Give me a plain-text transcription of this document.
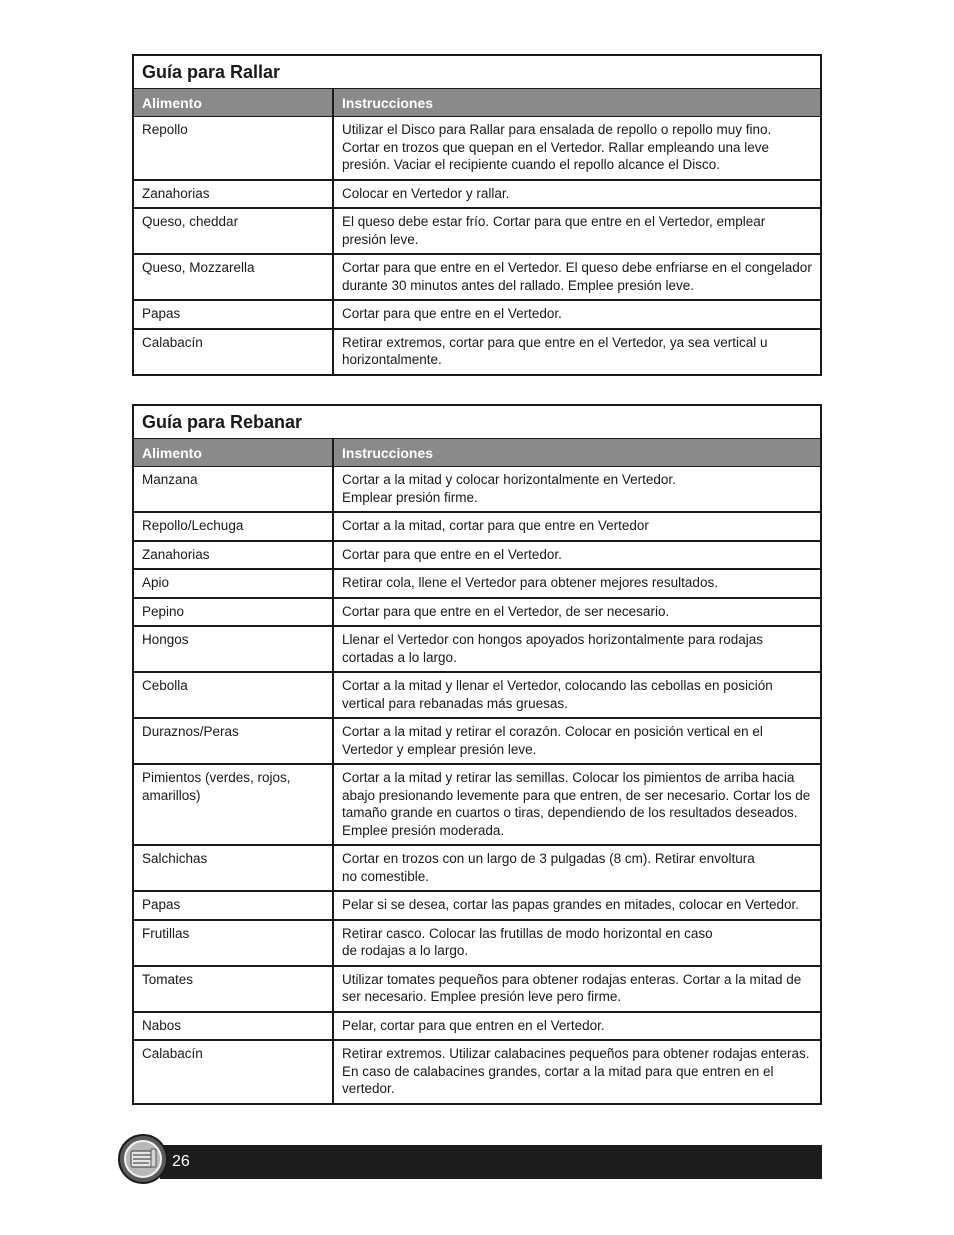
Guía para Rallar
Alimento	Instrucciones
Repollo	Utilizar el Disco para Rallar para ensalada de repollo o repollo muy fino. Cortar en trozos que quepan en el Vertedor. Rallar empleando una leve presión. Vaciar el recipiente cuando el repollo alcance el Disco.
Zanahorias	Colocar en Vertedor y rallar.
Queso, cheddar	El queso debe estar frío. Cortar para que entre en el Vertedor, emplear presión leve.
Queso, Mozzarella	Cortar para que entre en el Vertedor. El queso debe enfriarse en el congelador durante 30 minutos antes del rallado. Emplee presión leve.
Papas	Cortar para que entre en el Vertedor.
Calabacín	Retirar extremos, cortar para que entre en el Vertedor, ya sea vertical u horizontalmente.
Guía para Rebanar
Alimento	Instrucciones
Manzana	Cortar a la mitad y colocar horizontalmente en Vertedor.
Emplear presión firme.
Repollo/Lechuga	Cortar a la mitad, cortar para que entre en Vertedor
Zanahorias	Cortar para que entre en el Vertedor.
Apio	Retirar cola, llene el Vertedor para obtener mejores resultados.
Pepino	Cortar para que entre en el Vertedor, de ser necesario.
Hongos	Llenar el Vertedor con hongos apoyados horizontalmente para rodajas cortadas a lo largo.
Cebolla	Cortar a la mitad y llenar el Vertedor, colocando las cebollas en posición vertical para rebanadas más gruesas.
Duraznos/Peras	Cortar a la mitad y retirar el corazón. Colocar en posición vertical en el Vertedor y emplear presión leve.
Pimientos (verdes, rojos, amarillos)	Cortar a la mitad y retirar las semillas. Colocar los pimientos de arriba hacia abajo presionando levemente para que entren, de ser necesario. Cortar los de tamaño grande en cuartos o tiras, dependiendo de los resultados deseados. Emplee presión moderada.
Salchichas	Cortar en trozos con un largo de 3 pulgadas (8 cm). Retirar envoltura
no comestible.
Papas	Pelar si se desea, cortar las papas grandes en mitades, colocar en Vertedor.
Frutillas	Retirar casco. Colocar las frutillas de modo horizontal en caso
de rodajas a lo largo.
Tomates	Utilizar tomates pequeños para obtener rodajas enteras. Cortar a la mitad de ser necesario. Emplee presión leve pero firme.
Nabos	Pelar, cortar para que entren en el Vertedor.
Calabacín	Retirar extremos. Utilizar calabacines pequeños para obtener rodajas enteras. En caso de calabacines grandes, cortar a la mitad para que entren en el vertedor.
26
